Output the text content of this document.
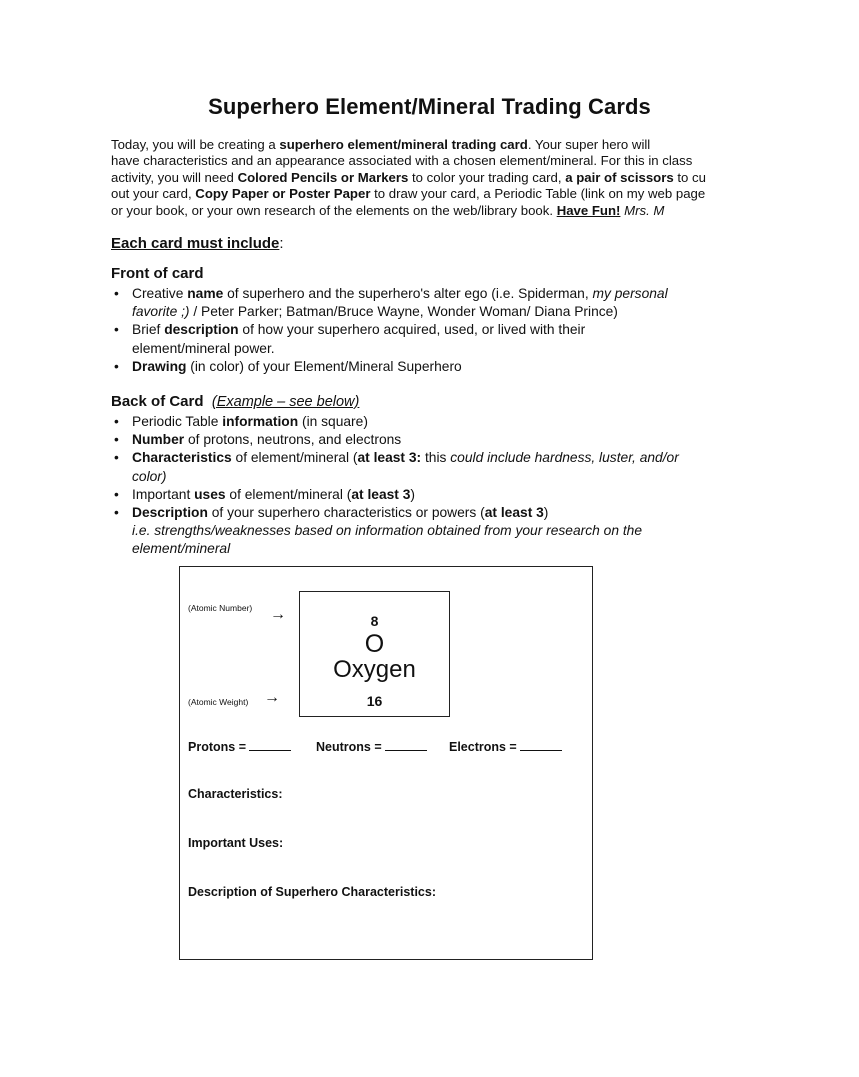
Superhero Element/Mineral Trading Cards
Today, you will be creating a superhero element/mineral trading card. Your super hero will
have characteristics and an appearance associated with a chosen element/mineral. For this in class
activity, you will need Colored Pencils or Markers to color your trading card, a pair of scissors to cu
out your card, Copy Paper or Poster Paper to draw your card, a Periodic Table (link on my web page
or your book, or your own research of the elements on the web/library book. Have Fun! Mrs. M
Each card must include:
Front of card
• Creative name of superhero and the superhero's alter ego (i.e. Spiderman, my personal
favorite ;) / Peter Parker; Batman/Bruce Wayne, Wonder Woman/ Diana Prince)
• Brief description of how your superhero acquired, used, or lived with their
element/mineral power.
• Drawing (in color) of your Element/Mineral Superhero
Back of Card (Example – see below)
• Periodic Table information (in square)
• Number of protons, neutrons, and electrons
• Characteristics of element/mineral (at least 3: this could include hardness, luster, and/or
color)
• Important uses of element/mineral (at least 3)
• Description of your superhero characteristics or powers (at least 3)
i.e. strengths/weaknesses based on information obtained from your research on the
element/mineral
(Atomic Number) →
(Atomic Weight) →
8
O
Oxygen
16
Protons =	Neutrons =	Electrons =
Characteristics:
Important Uses:
Description of Superhero Characteristics:
